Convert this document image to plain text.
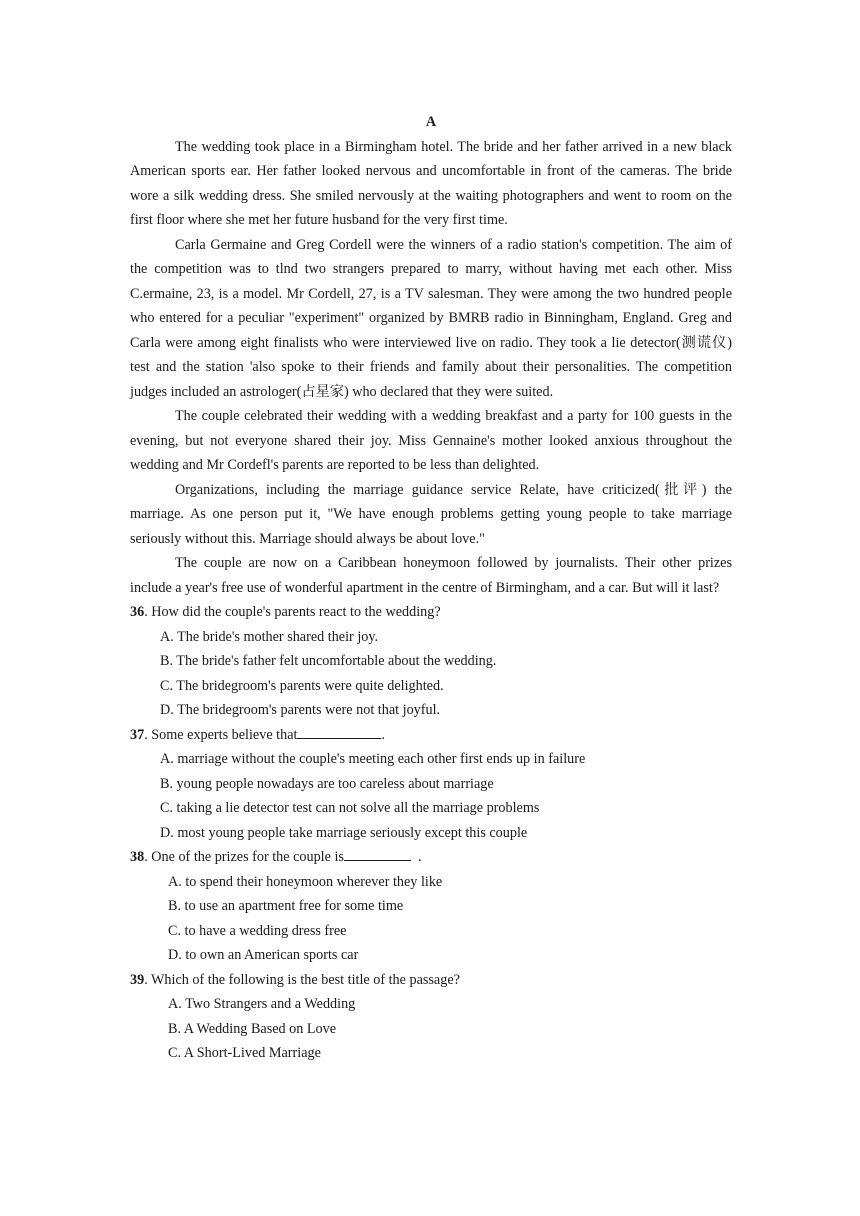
A

The wedding took place in a Birmingham hotel. The bride and her father arrived in a new black American sports ear. Her father looked nervous and uncomfortable in front of the cameras. The bride wore a silk wedding dress. She smiled nervously at the waiting photographers and went to room on the first floor where she met her future husband for the very first time.

Carla Germaine and Greg Cordell were the winners of a radio station's competition. The aim of the competition was to tlnd two strangers prepared to marry, without having met each other. Miss C.ermaine, 23, is a model. Mr Cordell, 27, is a TV salesman. They were among the two hundred people who entered for a peculiar "experiment" organized by BMRB radio in Binningham, England. Greg and Carla were among eight finalists who were interviewed live on radio. They took a lie detector(测谎仪) test and the station 'also spoke to their friends and family about their personalities. The competition judges included an astrologer(占星家) who declared that they were suited.

The couple celebrated their wedding with a wedding breakfast and a party for 100 guests in the evening, but not everyone shared their joy. Miss Gennaine's mother looked anxious throughout the wedding and Mr Cordefl's parents are reported to be less than delighted.

Organizations, including the marriage guidance service Relate, have criticized(批评) the marriage. As one person put it, "We have enough problems getting young people to take marriage seriously without this. Marriage should always be about love."

The couple are now on a Caribbean honeymoon followed by journalists. Their other prizes include a year's free use of wonderful apartment in the centre of Birmingham, and a car. But will it last?

36. How did the couple's parents react to the wedding?

A. The bride's mother shared their joy.

B. The bride's father felt uncomfortable about the wedding.

C. The bridegroom's parents were quite delighted.

D. The bridegroom's parents were not that joyful.

37. Some experts believe that	.

A. marriage without the couple's meeting each other first ends up in failure

B. young people nowadays are too careless about marriage

C. taking a lie detector test can not solve all the marriage problems

D. most young people take marriage seriously except this couple

38. One of the prizes for the couple is	.

A. to spend their honeymoon wherever they like

B. to use an apartment free for some time

C. to have a wedding dress free

D. to own an American sports car

39. Which of the following is the best title of the passage?

A. Two Strangers and a Wedding

B. A Wedding Based on Love

C. A Short-Lived Marriage
